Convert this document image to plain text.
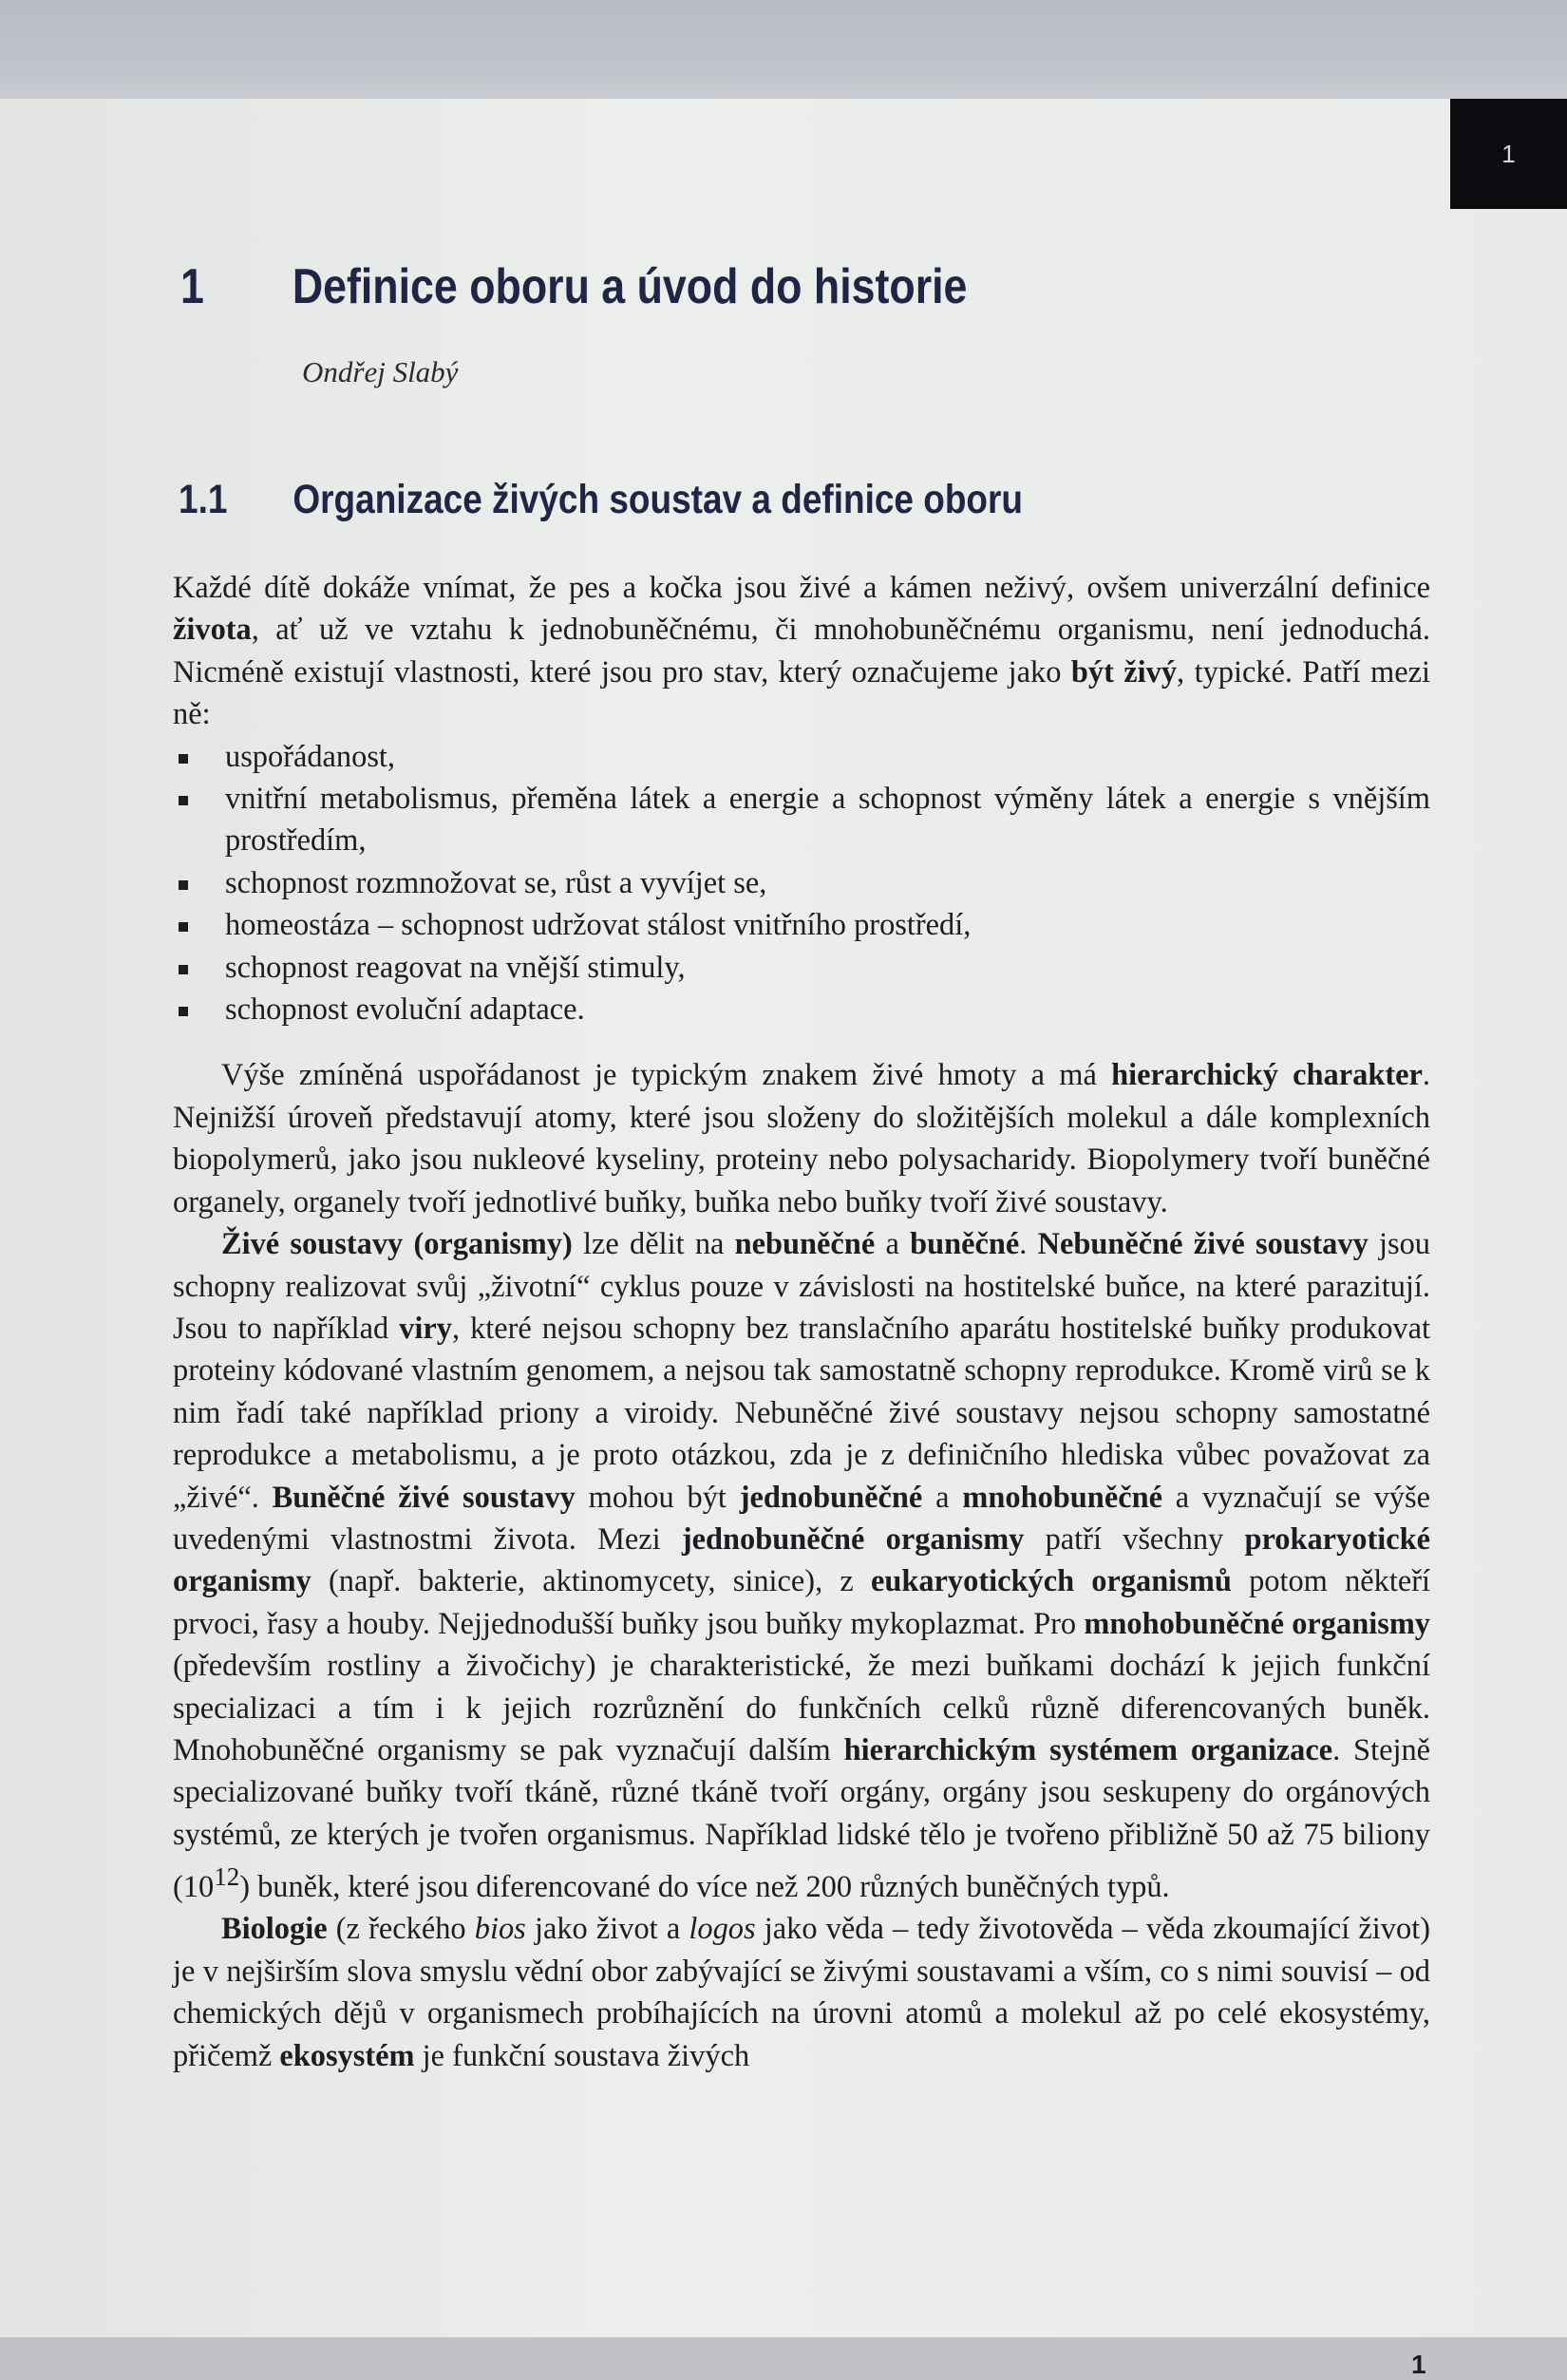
1
1 Definice oboru a úvod do historie
Ondřej Slabý
1.1 Organizace živých soustav a definice oboru

Každé dítě dokáže vnímat, že pes a kočka jsou živé a kámen neživý, ovšem univerzální definice života, ať už ve vztahu k jednobuněčnému, či mnohobuněčnému organismu, není jednoduchá. Nicméně existují vlastnosti, které jsou pro stav, který označujeme jako být živý, typické. Patří mezi ně:

uspořádanost,
vnitřní metabolismus, přeměna látek a energie a schopnost výměny látek a energie s vnějším prostředím,
schopnost rozmnožovat se, růst a vyvíjet se,
homeostáza – schopnost udržovat stálost vnitřního prostředí,
schopnost reagovat na vnější stimuly,
schopnost evoluční adaptace.

Výše zmíněná uspořádanost je typickým znakem živé hmoty a má hierarchický charakter. Nejnižší úroveň představují atomy, které jsou složeny do složitějších molekul a dále komplexních biopolymerů, jako jsou nukleové kyseliny, proteiny nebo polysacharidy. Biopolymery tvoří buněčné organely, organely tvoří jednotlivé buňky, buňka nebo buňky tvoří živé soustavy.

Živé soustavy (organismy) lze dělit na nebuněčné a buněčné. Nebuněčné živé soustavy jsou schopny realizovat svůj „životní“ cyklus pouze v závislosti na hostitelské buňce, na které parazitují. Jsou to například viry, které nejsou schopny bez translačního aparátu hostitelské buňky produkovat proteiny kódované vlastním genomem, a nejsou tak samostatně schopny reprodukce. Kromě virů se k nim řadí také například priony a viroidy. Nebuněčné živé soustavy nejsou schopny samostatné reprodukce a metabolismu, a je proto otázkou, zda je z definičního hlediska vůbec považovat za „živé“. Buněčné živé soustavy mohou být jednobuněčné a mnohobuněčné a vyznačují se výše uvedenými vlastnostmi života. Mezi jednobuněčné organismy patří všechny prokaryotické organismy (např. bakterie, aktinomycety, sinice), z eukaryotických organismů potom někteří prvoci, řasy a houby. Nejjednodušší buňky jsou buňky mykoplazmat. Pro mnohobuněčné organismy (především rostliny a živočichy) je charakteristické, že mezi buňkami dochází k jejich funkční specializaci a tím i k jejich rozrůznění do funkčních celků různě diferencovaných buněk. Mnohobuněčné organismy se pak vyznačují dalším hierarchickým systémem organizace. Stejně specializované buňky tvoří tkáně, různé tkáně tvoří orgány, orgány jsou seskupeny do orgánových systémů, ze kterých je tvořen organismus. Například lidské tělo je tvořeno přibližně 50 až 75 biliony $(10^{12})$ buněk, které jsou diferencované do více než 200 různých buněčných typů.

Biologie (z řeckého bios jako život a logos jako věda – tedy životověda – věda zkoumající život) je v nejširším slova smyslu vědní obor zabývající se živými soustavami a vším, co s nimi souvisí – od chemických dějů v organismech probíhajících na úrovni atomů a molekul až po celé ekosystémy, přičemž ekosystém je funkční soustava živých

1
